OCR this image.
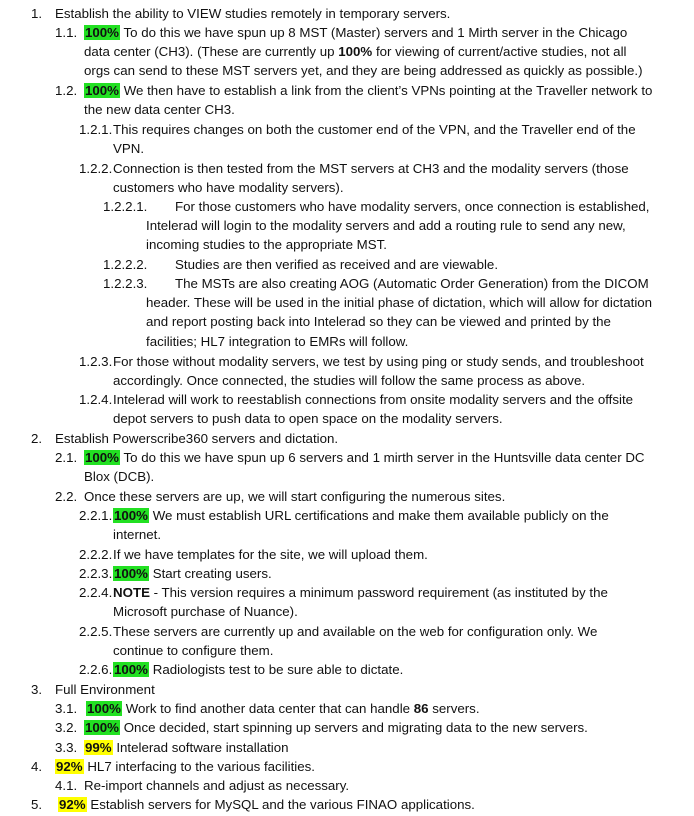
1. Establish the ability to VIEW studies remotely in temporary servers.
1.1. 100% To do this we have spun up 8 MST (Master) servers and 1 Mirth server in the Chicago data center (CH3). (These are currently up 100% for viewing of current/active studies, not all orgs can send to these MST servers yet, and they are being addressed as quickly as possible.)
1.2. 100% We then have to establish a link from the client’s VPNs pointing at the Traveller network to the new data center CH3.
1.2.1. This requires changes on both the customer end of the VPN, and the Traveller end of the VPN.
1.2.2. Connection is then tested from the MST servers at CH3 and the modality servers (those customers who have modality servers).
1.2.2.1.	For those customers who have modality servers, once connection is established, Intelerad will login to the modality servers and add a routing rule to send any new, incoming studies to the appropriate MST.
1.2.2.2.	Studies are then verified as received and are viewable.
1.2.2.3.	The MSTs are also creating AOG (Automatic Order Generation) from the DICOM header. These will be used in the initial phase of dictation, which will allow for dictation and report posting back into Intelerad so they can be viewed and printed by the facilities; HL7 integration to EMRs will follow.
1.2.3. For those without modality servers, we test by using ping or study sends, and troubleshoot accordingly. Once connected, the studies will follow the same process as above.
1.2.4. Intelerad will work to reestablish connections from onsite modality servers and the offsite depot servers to push data to open space on the modality servers.
2. Establish Powerscribe360 servers and dictation.
2.1. 100% To do this we have spun up 6 servers and 1 mirth server in the Huntsville data center DC Blox (DCB).
2.2. Once these servers are up, we will start configuring the numerous sites.
2.2.1. 100% We must establish URL certifications and make them available publicly on the internet.
2.2.2. If we have templates for the site, we will upload them.
2.2.3. 100% Start creating users.
2.2.4. NOTE - This version requires a minimum password requirement (as instituted by the Microsoft purchase of Nuance).
2.2.5. These servers are currently up and available on the web for configuration only. We continue to configure them.
2.2.6. 100% Radiologists test to be sure able to dictate.
3. Full Environment
3.1. 100% Work to find another data center that can handle 86 servers.
3.2. 100% Once decided, start spinning up servers and migrating data to the new servers.
3.3. 99% Intelerad software installation
4.	92% HL7 interfacing to the various facilities.
4.1. Re-import channels and adjust as necessary.
5.	92% Establish servers for MySQL and the various FINAO applications.
